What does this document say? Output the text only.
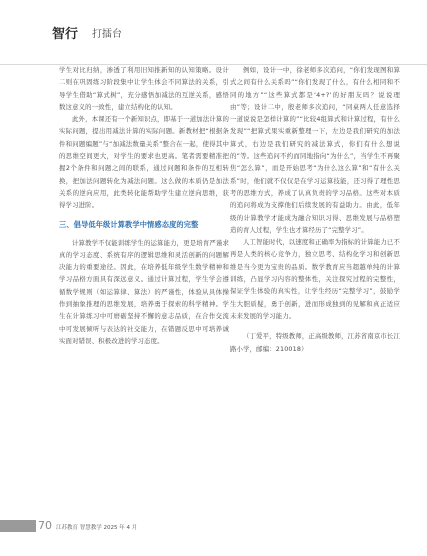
智行 打擂台

学生对比归纳，渗透了利用旧知推新知的认知策略。设计二则在巩固练习阶段集中让学生体会不同算法的关系，引导学生借助“算式树”，充分感悟加减法的互逆关系，感悟数这意义的一致性，建立结构化的认知。

此外，本课还有一个新知识点，即基于一道加法计算的实际问题，提出用减法计算的实际问题。新教材把“根据条件和问题编题”与“加减法数量关系”整合在一起，使得其中的思维空间更大，对学生的要求也更高。笔者需要精准把握2个条件和问题之间的联系，通过问题和条件的互相转换，把加法问题转化为减法问题。这么做的本质仍是加法关系的逆向应用，此类转化能帮助学生建立逆向思维，获得学习进阶。

三、倡导低年级计算教学中情感态度的完整

计算教学不仅能训练学生的运算能力，更是培育严谨求真的学习态度、系统有序的逻辑思维和灵活创新的问题解决能力的重要途径。因此，在培养低年级学生数学精神和学习品格方面具有深远意义。通过计算过程，学生学会遵循数学规则（如运算律、算法）的严谨性，体验从具体操作到抽象推理的思维发展，培养勇于探索的科学精神。学生在计算练习中可磨砺坚持不懈的意志品质，在合作交流中可发展倾听与表达的社交能力，在错题反思中可培养诚实面对错误、积极改进的学习态度。

例如，设计一中，徐老师多次追问，“你们发现图和算式之间有什么关系吗”“你们发现了什么，有什么相同和不同的地方”“这些算式都是‘4+?’的好朋友吗？说说理由”等；设计二中，殷老师多次追问，“同桌两人任意选择一道说说是怎样计算的”“比较4组算式和计算过程，有什么发现”“把算式果实重新整理一下，左边是我们研究的加法算式，右边是我们研究的减法算式，你们有什么想说的”等。这些追问不约而同地指向“为什么”，当学生不再聚焦“怎么算”，而是开始思考“为什么这么算”和“有什么关系”时，他们就不仅仅是在学习运算技能，还习得了理性思考的思维方式，养成了认真负责的学习品格。这些对本质的追问将成为支撑他们后续发展的有益助力。由此，低年级的计算教学才能成为融合知识习得、思维发展与品格塑造的育人过程，学生也才算经历了“完整学习”。

人工智能时代，以速度和正确率为指标的计算能力已不再是人类的核心竞争力，独立思考、结构化学习和创新思维是当今更为宝贵的品质。数学教育应当超越单纯的计算训练，凸显学习内容的整体性，关注探究过程的完整性，保证学生体验的真实性，让学生经历“完整学习”，鼓励学生大胆质疑，勇于创新，进而形成独到的见解和真正适应未来发展的学习能力。

（丁爱平，特级教师，正高级教师，江苏省南京市长江路小学，邮编：210018）

70 江苏教育 智慧教学 2025 年 4 月
